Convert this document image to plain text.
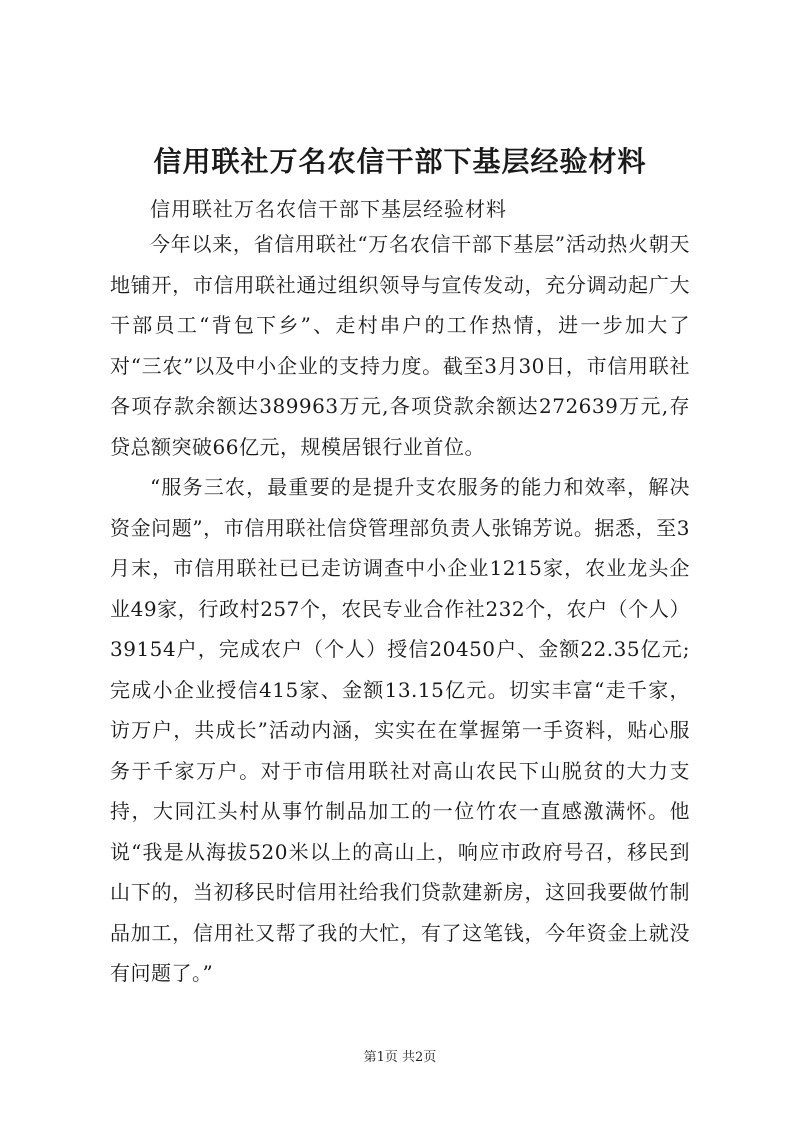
信用联社万名农信干部下基层经验材料

信用联社万名农信干部下基层经验材料

今年以来，省信用联社“万名农信干部下基层”活动热火朝天地铺开，市信用联社通过组织领导与宣传发动，充分调动起广大干部员工“背包下乡”、走村串户的工作热情，进一步加大了对“三农”以及中小企业的支持力度。截至3月30日，市信用联社各项存款余额达389963万元,各项贷款余额达272639万元,存贷总额突破66亿元，规模居银行业首位。

“服务三农，最重要的是提升支农服务的能力和效率，解决资金问题”，市信用联社信贷管理部负责人张锦芳说。据悉，至3月末，市信用联社已已走访调查中小企业1215家，农业龙头企业49家，行政村257个，农民专业合作社232个，农户（个人）39154户，完成农户（个人）授信20450户、金额22.35亿元; 完成小企业授信415家、金额13.15亿元。切实丰富“走千家，访万户，共成长”活动内涵，实实在在掌握第一手资料，贴心服务于千家万户。对于市信用联社对高山农民下山脱贫的大力支持，大同江头村从事竹制品加工的一位竹农一直感激满怀。他说“我是从海拔520米以上的高山上，响应市政府号召，移民到山下的，当初移民时信用社给我们贷款建新房，这回我要做竹制品加工，信用社又帮了我的大忙，有了这笔钱，今年资金上就没有问题了。”

第1页 共2页
